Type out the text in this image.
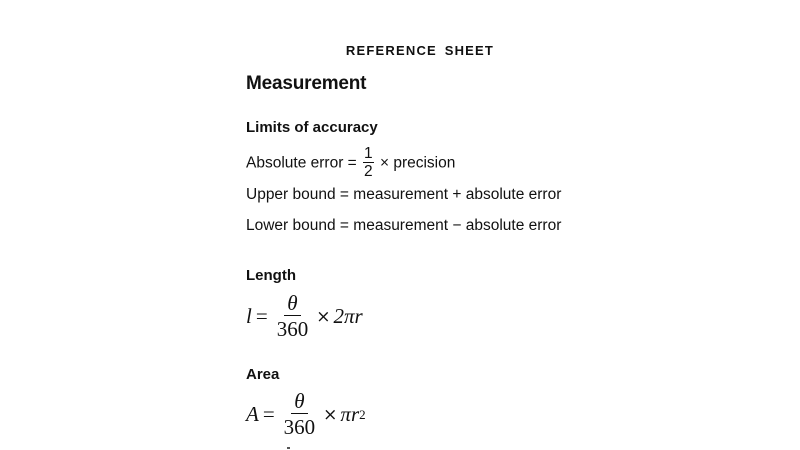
REFERENCE SHEET
Measurement
Limits of accuracy
Absolute error = $\frac{1}{2}$ × precision
Upper bound = measurement + absolute error
Lower bound = measurement − absolute error
Length
$l = \frac{\theta}{360} \times 2\pi r$
Area
$A = \frac{\theta}{360} \times \pi r$ 2
